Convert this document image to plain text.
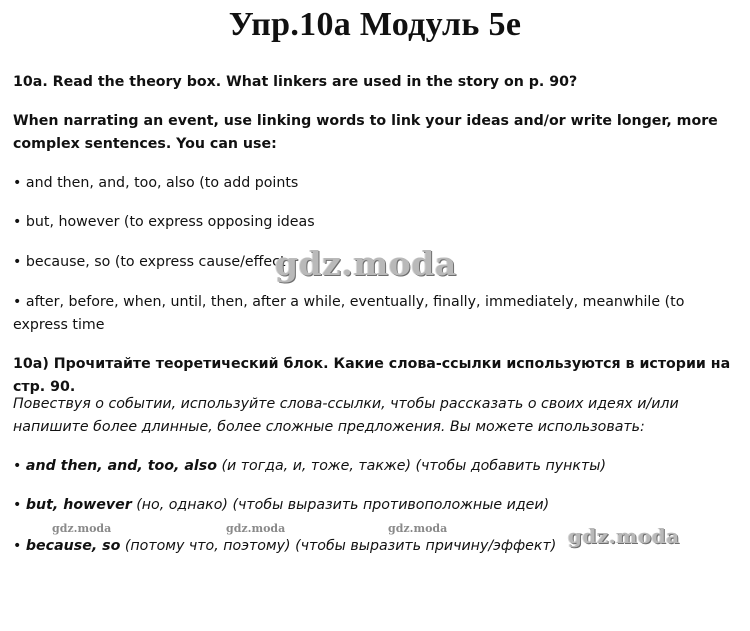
Упр.10а Модуль 5е

10a. Read the theory box. What linkers are used in the story on p. 90?

When narrating an event, use linking words to link your ideas and/or write longer, more complex sentences. You can use:

• and then, and, too, also (to add points

• but, however (to express opposing ideas

• because, so (to express cause/effect

• after, before, when, until, then, after a while, eventually, finally, immediately, meanwhile (to express time

10а) Прочитайте теоретический блок. Какие слова-ссылки используются в истории на стр. 90.

Повествуя о событии, используйте слова-ссылки, чтобы рассказать о своих идеях и/или напишите более длинные, более сложные предложения. Вы можете использовать:

• and then, and, too, also (и тогда, и, тоже, также) (чтобы добавить пункты)

• but, however (но, однако) (чтобы выразить противоположные идеи)

• because, so (потому что, поэтому) (чтобы выразить причину/эффект)

gdz.moda
gdz.moda
gdz.moda	gdz.moda	gdz.moda
